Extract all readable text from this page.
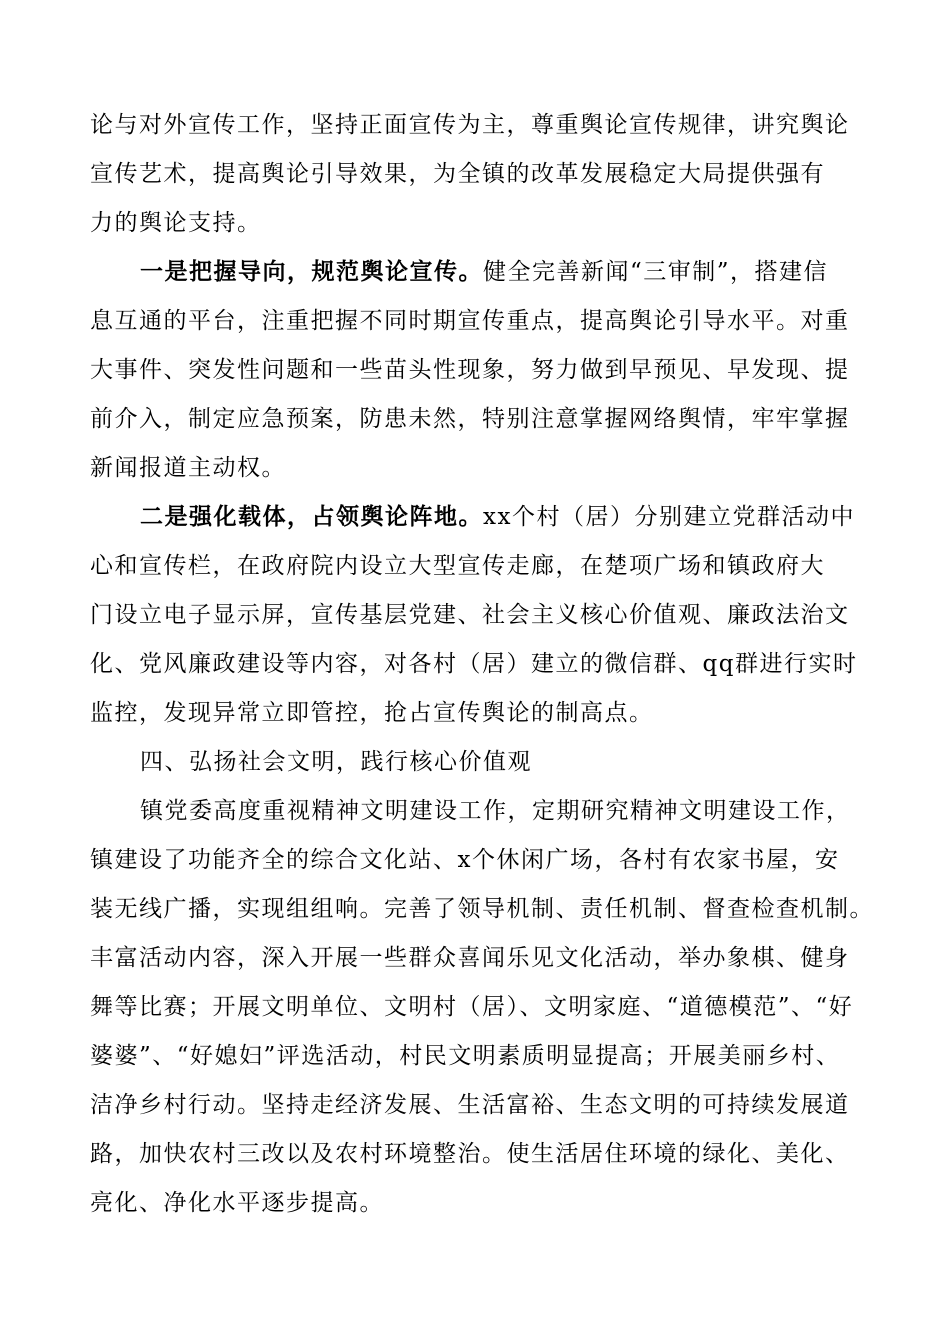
论与对外宣传工作，坚持正面宣传为主，尊重舆论宣传规律，讲究舆论
宣传艺术，提高舆论引导效果，为全镇的改革发展稳定大局提供强有
力的舆论支持。
一是把握导向，规范舆论宣传。健全完善新闻“三审制”，搭建信
息互通的平台，注重把握不同时期宣传重点，提高舆论引导水平。对重
大事件、突发性问题和一些苗头性现象，努力做到早预见、早发现、提
前介入，制定应急预案，防患未然，特别注意掌握网络舆情，牢牢掌握
新闻报道主动权。
二是强化载体，占领舆论阵地。xx个村（居）分别建立党群活动中
心和宣传栏，在政府院内设立大型宣传走廊，在楚项广场和镇政府大
门设立电子显示屏，宣传基层党建、社会主义核心价值观、廉政法治文
化、党风廉政建设等内容，对各村（居）建立的微信群、qq群进行实时
监控，发现异常立即管控，抢占宣传舆论的制高点。
四、弘扬社会文明，践行核心价值观
镇党委高度重视精神文明建设工作，定期研究精神文明建设工作，
镇建设了功能齐全的综合文化站、x个休闲广场，各村有农家书屋，安
装无线广播，实现组组响。完善了领导机制、责任机制、督查检查机制。
丰富活动内容，深入开展一些群众喜闻乐见文化活动，举办象棋、健身
舞等比赛；开展文明单位、文明村（居）、文明家庭、“道德模范”、“好
婆婆”、“好媳妇”评选活动，村民文明素质明显提高；开展美丽乡村、
洁净乡村行动。坚持走经济发展、生活富裕、生态文明的可持续发展道
路，加快农村三改以及农村环境整治。使生活居住环境的绿化、美化、
亮化、净化水平逐步提高。
